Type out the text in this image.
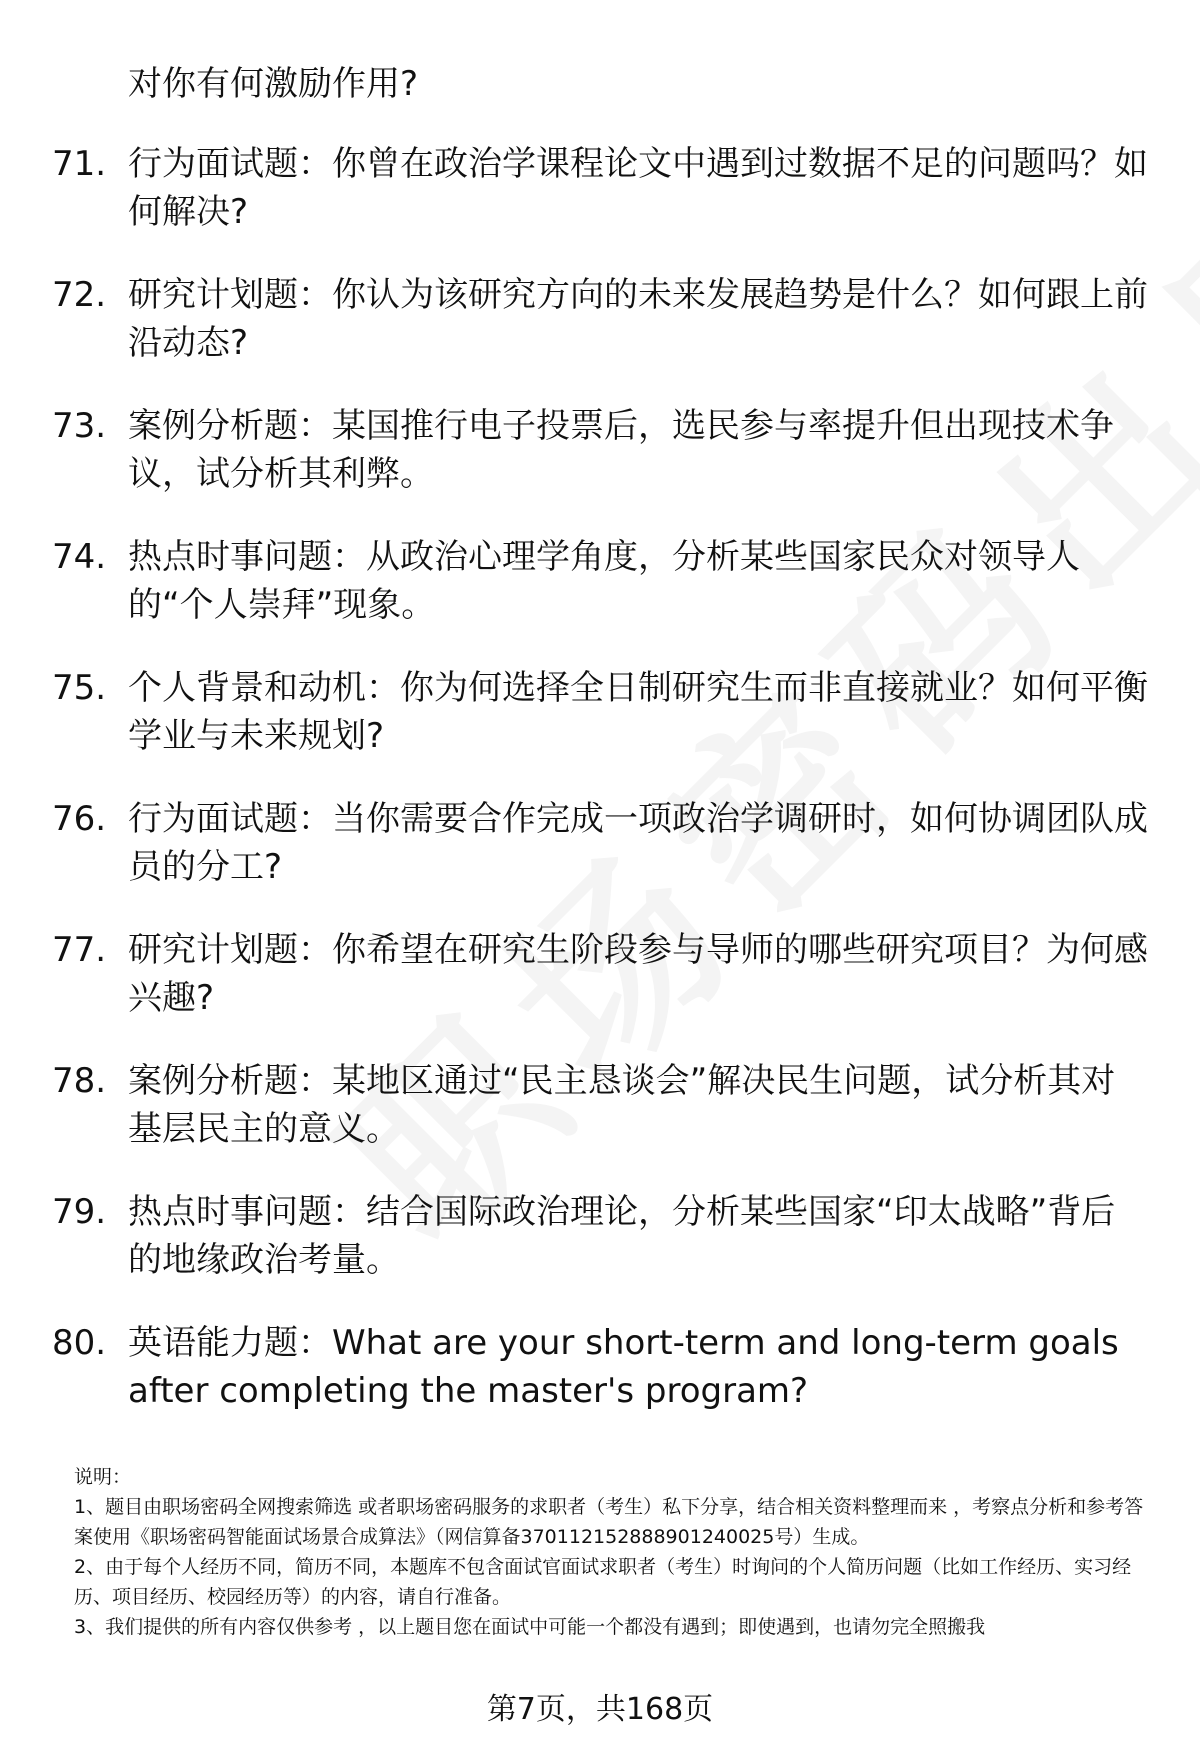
对你有何激励作用?
71. 行为面试题：你曾在政治学课程论文中遇到过数据不足的问题吗？如何解决?
72. 研究计划题：你认为该研究方向的未来发展趋势是什么？如何跟上前沿动态?
73. 案例分析题：某国推行电子投票后，选民参与率提升但出现技术争议，试分析其利弊。
74. 热点时事问题：从政治心理学角度，分析某些国家民众对领导人的“个人崇拜”现象。
75. 个人背景和动机：你为何选择全日制研究生而非直接就业？如何平衡学业与未来规划?
76. 行为面试题：当你需要合作完成一项政治学调研时，如何协调团队成员的分工?
77. 研究计划题：你希望在研究生阶段参与导师的哪些研究项目？为何感兴趣?
78. 案例分析题：某地区通过“民主恳谈会”解决民生问题，试分析其对基层民主的意义。
79. 热点时事问题：结合国际政治理论，分析某些国家“印太战略”背后的地缘政治考量。
80. 英语能力题：What are your short-term and long-term goals after completing the master's program?

说明：

1、题目由职场密码全网搜索筛选 或者职场密码服务的求职者（考生）私下分享，结合相关资料整理而来 ，考察点分析和参考答案使用《职场密码智能面试场景合成算法》（网信算备370112152888901240025号）生成。

2、由于每个人经历不同，简历不同，本题库不包含面试官面试求职者（考生）时询问的个人简历问题（比如工作经历、实习经历、项目经历、校园经历等）的内容，请自行准备。

3、我们提供的所有内容仅供参考 ，以上题目您在面试中可能一个都没有遇到；即使遇到，也请勿完全照搬我

第7页，共168页
